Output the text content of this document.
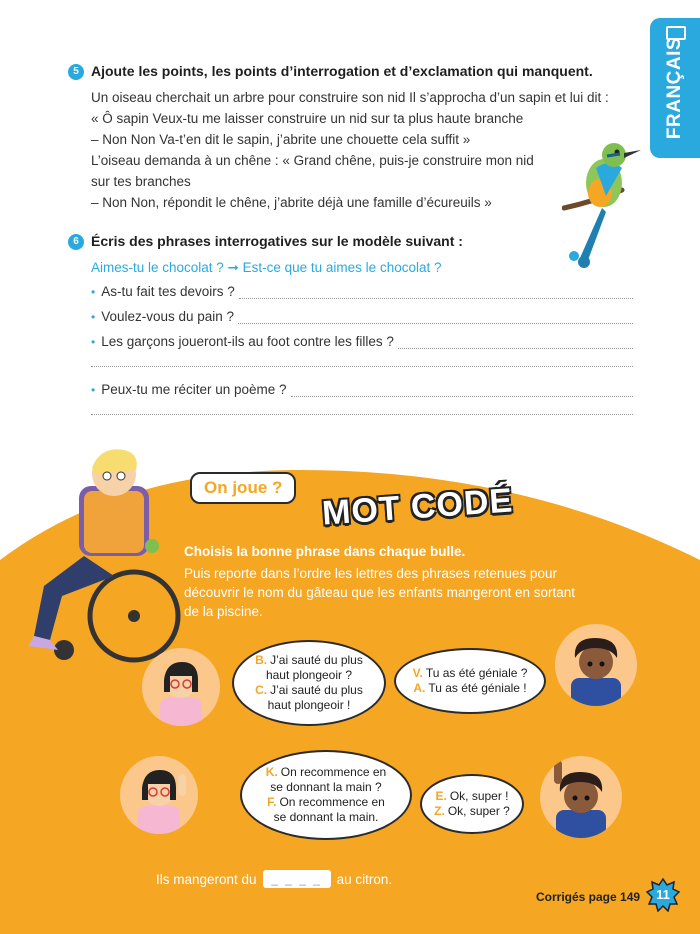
FRANÇAIS
5 Ajoute les points, les points d’interrogation et d’exclamation qui manquent.
Un oiseau cherchait un arbre pour construire son nid Il s’approcha d’un sapin et lui dit :
« Ô sapin Veux-tu me laisser construire un nid sur ta plus haute branche
– Non Non Va-t’en dit le sapin, j’abrite une chouette cela suffit »
L’oiseau demanda à un chêne : « Grand chêne, puis-je construire mon nid
sur tes branches
– Non Non, répondit le chêne, j’abrite déjà une famille d’écureuils »
6 Écris des phrases interrogatives sur le modèle suivant :
Aimes-tu le chocolat ? ➞ Est-ce que tu aimes le chocolat ?
• As-tu fait tes devoirs ?
• Voulez-vous du pain ?
• Les garçons joueront-ils au foot contre les filles ?
• Peux-tu me réciter un poème ?
On joue ?	MOT CODÉ
Choisis la bonne phrase dans chaque bulle.
Puis reporte dans l’ordre les lettres des phrases retenues pour
découvrir le nom du gâteau que les enfants mangeront en sortant
de la piscine.
B. J’ai sauté du plus
haut plongeoir ?
C. J’ai sauté du plus
haut plongeoir !
V. Tu as été géniale ?
A. Tu as été géniale !
K. On recommence en
se donnant la main ?
F. On recommence en
se donnant la main.
E. Ok, super !
Z. Ok, super ?
Ils mangeront du	_ _ _ _	au citron.
Corrigés page 149	11
